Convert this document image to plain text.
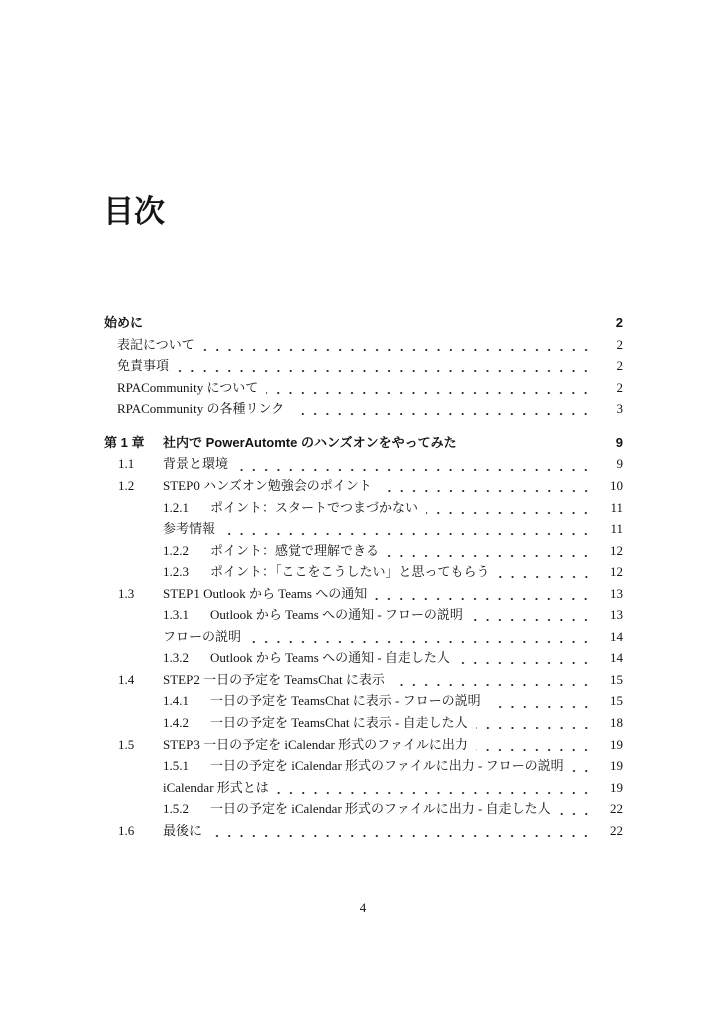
目次
始めに	2
表記について	2
免責事項	2
RPACommunity について	2
RPACommunity の各種リンク	3
第 1 章	社内で PowerAutomte のハンズオンをやってみた	9
1.1	背景と環境	9
1.2	STEP0 ハンズオン勉強会のポイント	10
1.2.1	ポイント：スタートでつまづかない	11
参考情報	11
1.2.2	ポイント：感覚で理解できる	12
1.2.3	ポイント：「ここをこうしたい」と思ってもらう	12
1.3	STEP1 Outlook から Teams への通知	13
1.3.1	Outlook から Teams への通知 - フローの説明	13
フローの説明	14
1.3.2	Outlook から Teams への通知 - 自走した人	14
1.4	STEP2 一日の予定を TeamsChat に表示	15
1.4.1	一日の予定を TeamsChat に表示 - フローの説明	15
1.4.2	一日の予定を TeamsChat に表示 - 自走した人	18
1.5	STEP3 一日の予定を iCalendar 形式のファイルに出力	19
1.5.1	一日の予定を iCalendar 形式のファイルに出力 - フローの説明	19
iCalendar 形式とは	19
1.5.2	一日の予定を iCalendar 形式のファイルに出力 - 自走した人	22
1.6	最後に	22
4
